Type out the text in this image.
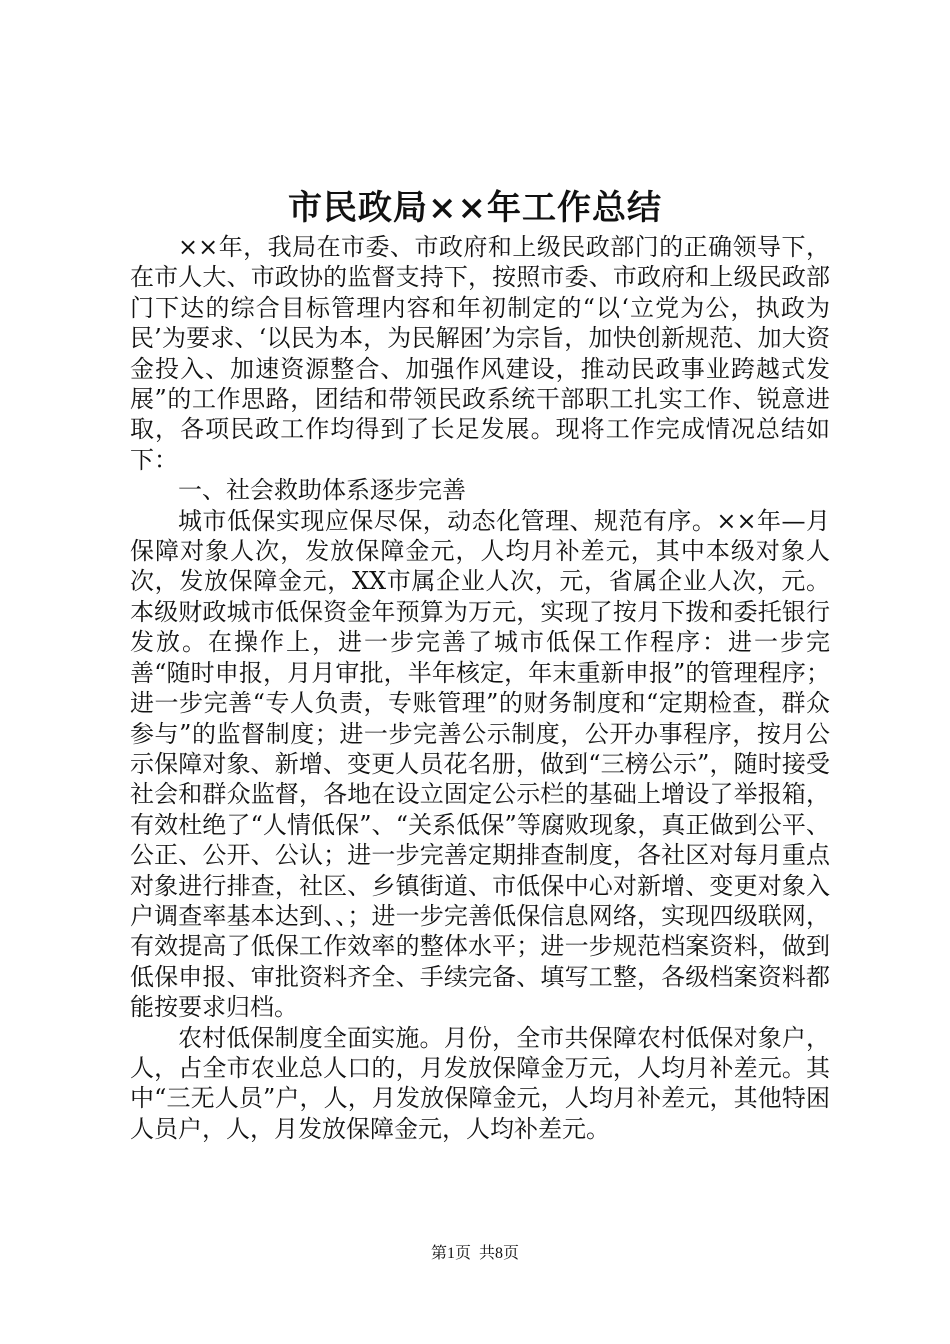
市民政局××年工作总结

××年，我局在市委、市政府和上级民政部门的正确领导下，在市人大、市政协的监督支持下，按照市委、市政府和上级民政部门下达的综合目标管理内容和年初制定的“以‘立党为公，执政为民’为要求、‘以民为本，为民解困’为宗旨，加快创新规范、加大资金投入、加速资源整合、加强作风建设，推动民政事业跨越式发展”的工作思路，团结和带领民政系统干部职工扎实工作、锐意进取，各项民政工作均得到了长足发展。现将工作完成情况总结如下：

一、社会救助体系逐步完善

城市低保实现应保尽保，动态化管理、规范有序。××年—月保障对象人次，发放保障金元，人均月补差元，其中本级对象人次，发放保障金元，XX市属企业人次，元，省属企业人次，元。本级财政城市低保资金年预算为万元，实现了按月下拨和委托银行发放。在操作上，进一步完善了城市低保工作程序：进一步完善“随时申报，月月审批，半年核定，年末重新申报”的管理程序；进一步完善“专人负责，专账管理”的财务制度和“定期检查，群众参与”的监督制度；进一步完善公示制度，公开办事程序，按月公示保障对象、新增、变更人员花名册，做到“三榜公示”，随时接受社会和群众监督，各地在设立固定公示栏的基础上增设了举报箱，有效杜绝了“人情低保”、“关系低保”等腐败现象，真正做到公平、公正、公开、公认；进一步完善定期排查制度，各社区对每月重点对象进行排查，社区、乡镇街道、市低保中心对新增、变更对象入户调查率基本达到、、；进一步完善低保信息网络，实现四级联网，有效提高了低保工作效率的整体水平；进一步规范档案资料，做到低保申报、审批资料齐全、手续完备、填写工整，各级档案资料都能按要求归档。

农村低保制度全面实施。月份，全市共保障农村低保对象户，人，占全市农业总人口的，月发放保障金万元，人均月补差元。其中“三无人员”户，人，月发放保障金元，人均月补差元，其他特困人员户，人，月发放保障金元，人均补差元。

第1页 共8页
